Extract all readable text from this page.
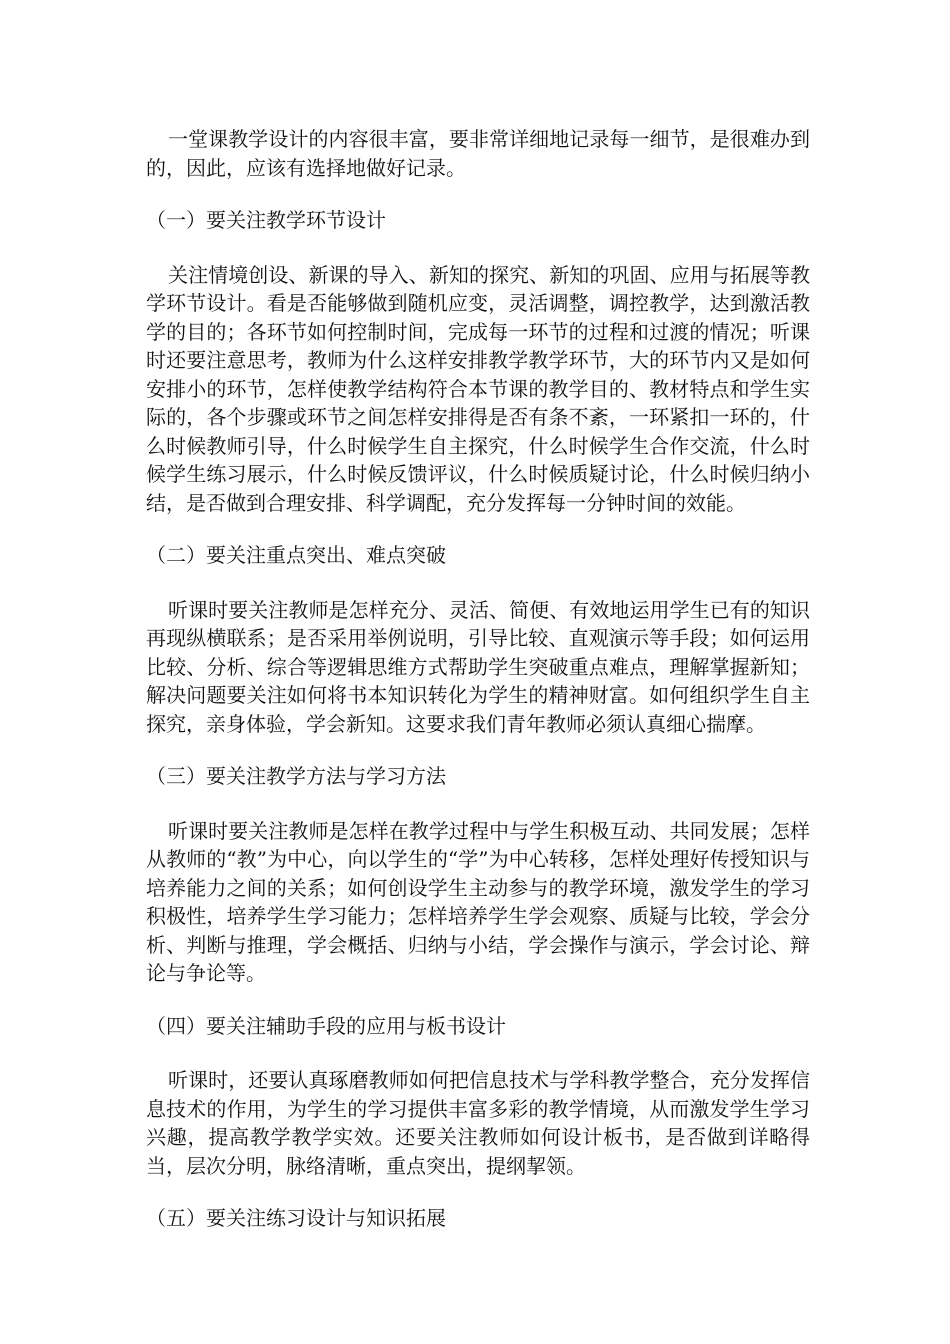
一堂课教学设计的内容很丰富，要非常详细地记录每一细节，是很难办到的，因此，应该有选择地做好记录。

（一）要关注教学环节设计

关注情境创设、新课的导入、新知的探究、新知的巩固、应用与拓展等教学环节设计。看是否能够做到随机应变，灵活调整，调控教学，达到激活教学的目的；各环节如何控制时间，完成每一环节的过程和过渡的情况；听课时还要注意思考，教师为什么这样安排教学教学环节，大的环节内又是如何安排小的环节，怎样使教学结构符合本节课的教学目的、教材特点和学生实际的，各个步骤或环节之间怎样安排得是否有条不紊，一环紧扣一环的，什么时候教师引导，什么时候学生自主探究，什么时候学生合作交流，什么时候学生练习展示，什么时候反馈评议，什么时候质疑讨论，什么时候归纳小结，是否做到合理安排、科学调配，充分发挥每一分钟时间的效能。

（二）要关注重点突出、难点突破

听课时要关注教师是怎样充分、灵活、简便、有效地运用学生已有的知识再现纵横联系；是否采用举例说明，引导比较、直观演示等手段；如何运用比较、分析、综合等逻辑思维方式帮助学生突破重点难点，理解掌握新知；解决问题要关注如何将书本知识转化为学生的精神财富。如何组织学生自主探究，亲身体验，学会新知。这要求我们青年教师必须认真细心揣摩。

（三）要关注教学方法与学习方法

听课时要关注教师是怎样在教学过程中与学生积极互动、共同发展；怎样从教师的“教”为中心，向以学生的“学”为中心转移，怎样处理好传授知识与培养能力之间的关系；如何创设学生主动参与的教学环境，激发学生的学习积极性，培养学生学习能力；怎样培养学生学会观察、质疑与比较，学会分析、判断与推理，学会概括、归纳与小结，学会操作与演示，学会讨论、辩论与争论等。

（四）要关注辅助手段的应用与板书设计

听课时，还要认真琢磨教师如何把信息技术与学科教学整合，充分发挥信息技术的作用，为学生的学习提供丰富多彩的教学情境，从而激发学生学习兴趣，提高教学教学实效。还要关注教师如何设计板书，是否做到详略得当，层次分明，脉络清晰，重点突出，提纲挈领。

（五）要关注练习设计与知识拓展
